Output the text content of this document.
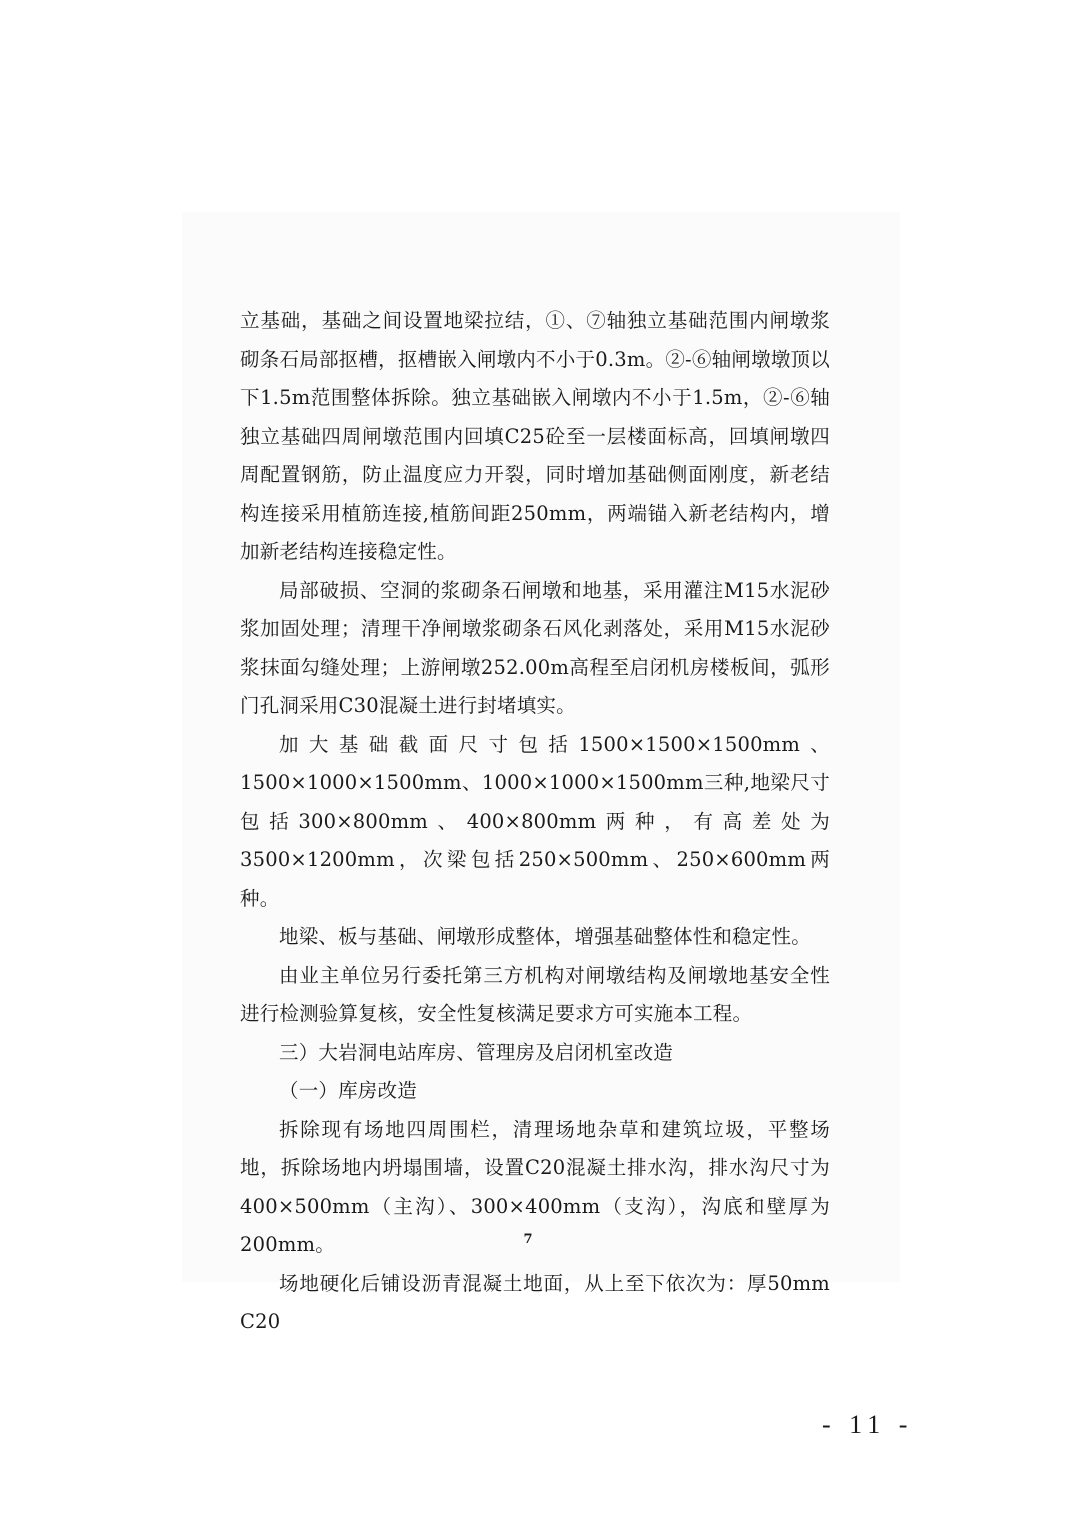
立基础，基础之间设置地梁拉结，①、⑦轴独立基础范围内闸墩浆砌条石局部抠槽，抠槽嵌入闸墩内不小于0.3m。②-⑥轴闸墩墩顶以下1.5m范围整体拆除。独立基础嵌入闸墩内不小于1.5m，②-⑥轴独立基础四周闸墩范围内回填C25砼至一层楼面标高，回填闸墩四周配置钢筋，防止温度应力开裂，同时增加基础侧面刚度，新老结构连接采用植筋连接,植筋间距250mm，两端锚入新老结构内，增加新老结构连接稳定性。

局部破损、空洞的浆砌条石闸墩和地基，采用灌注M15水泥砂浆加固处理；清理干净闸墩浆砌条石风化剥落处，采用M15水泥砂浆抹面勾缝处理；上游闸墩252.00m高程至启闭机房楼板间，弧形门孔洞采用C30混凝土进行封堵填实。

加大基础截面尺寸包括1500×1500×1500mm、1500×1000×1500mm、1000×1000×1500mm三种,地梁尺寸包括300×800mm、400×800mm两种，有高差处为3500×1200mm，次梁包括250×500mm、250×600mm两种。

地梁、板与基础、闸墩形成整体，增强基础整体性和稳定性。

由业主单位另行委托第三方机构对闸墩结构及闸墩地基安全性进行检测验算复核，安全性复核满足要求方可实施本工程。

三）大岩洞电站库房、管理房及启闭机室改造

（一）库房改造

拆除现有场地四周围栏，清理场地杂草和建筑垃圾，平整场地，拆除场地内坍塌围墙，设置C20混凝土排水沟，排水沟尺寸为400×500mm（主沟）、300×400mm（支沟），沟底和壁厚为200mm。

场地硬化后铺设沥青混凝土地面，从上至下依次为：厚50mm C20

7
- 11 -
